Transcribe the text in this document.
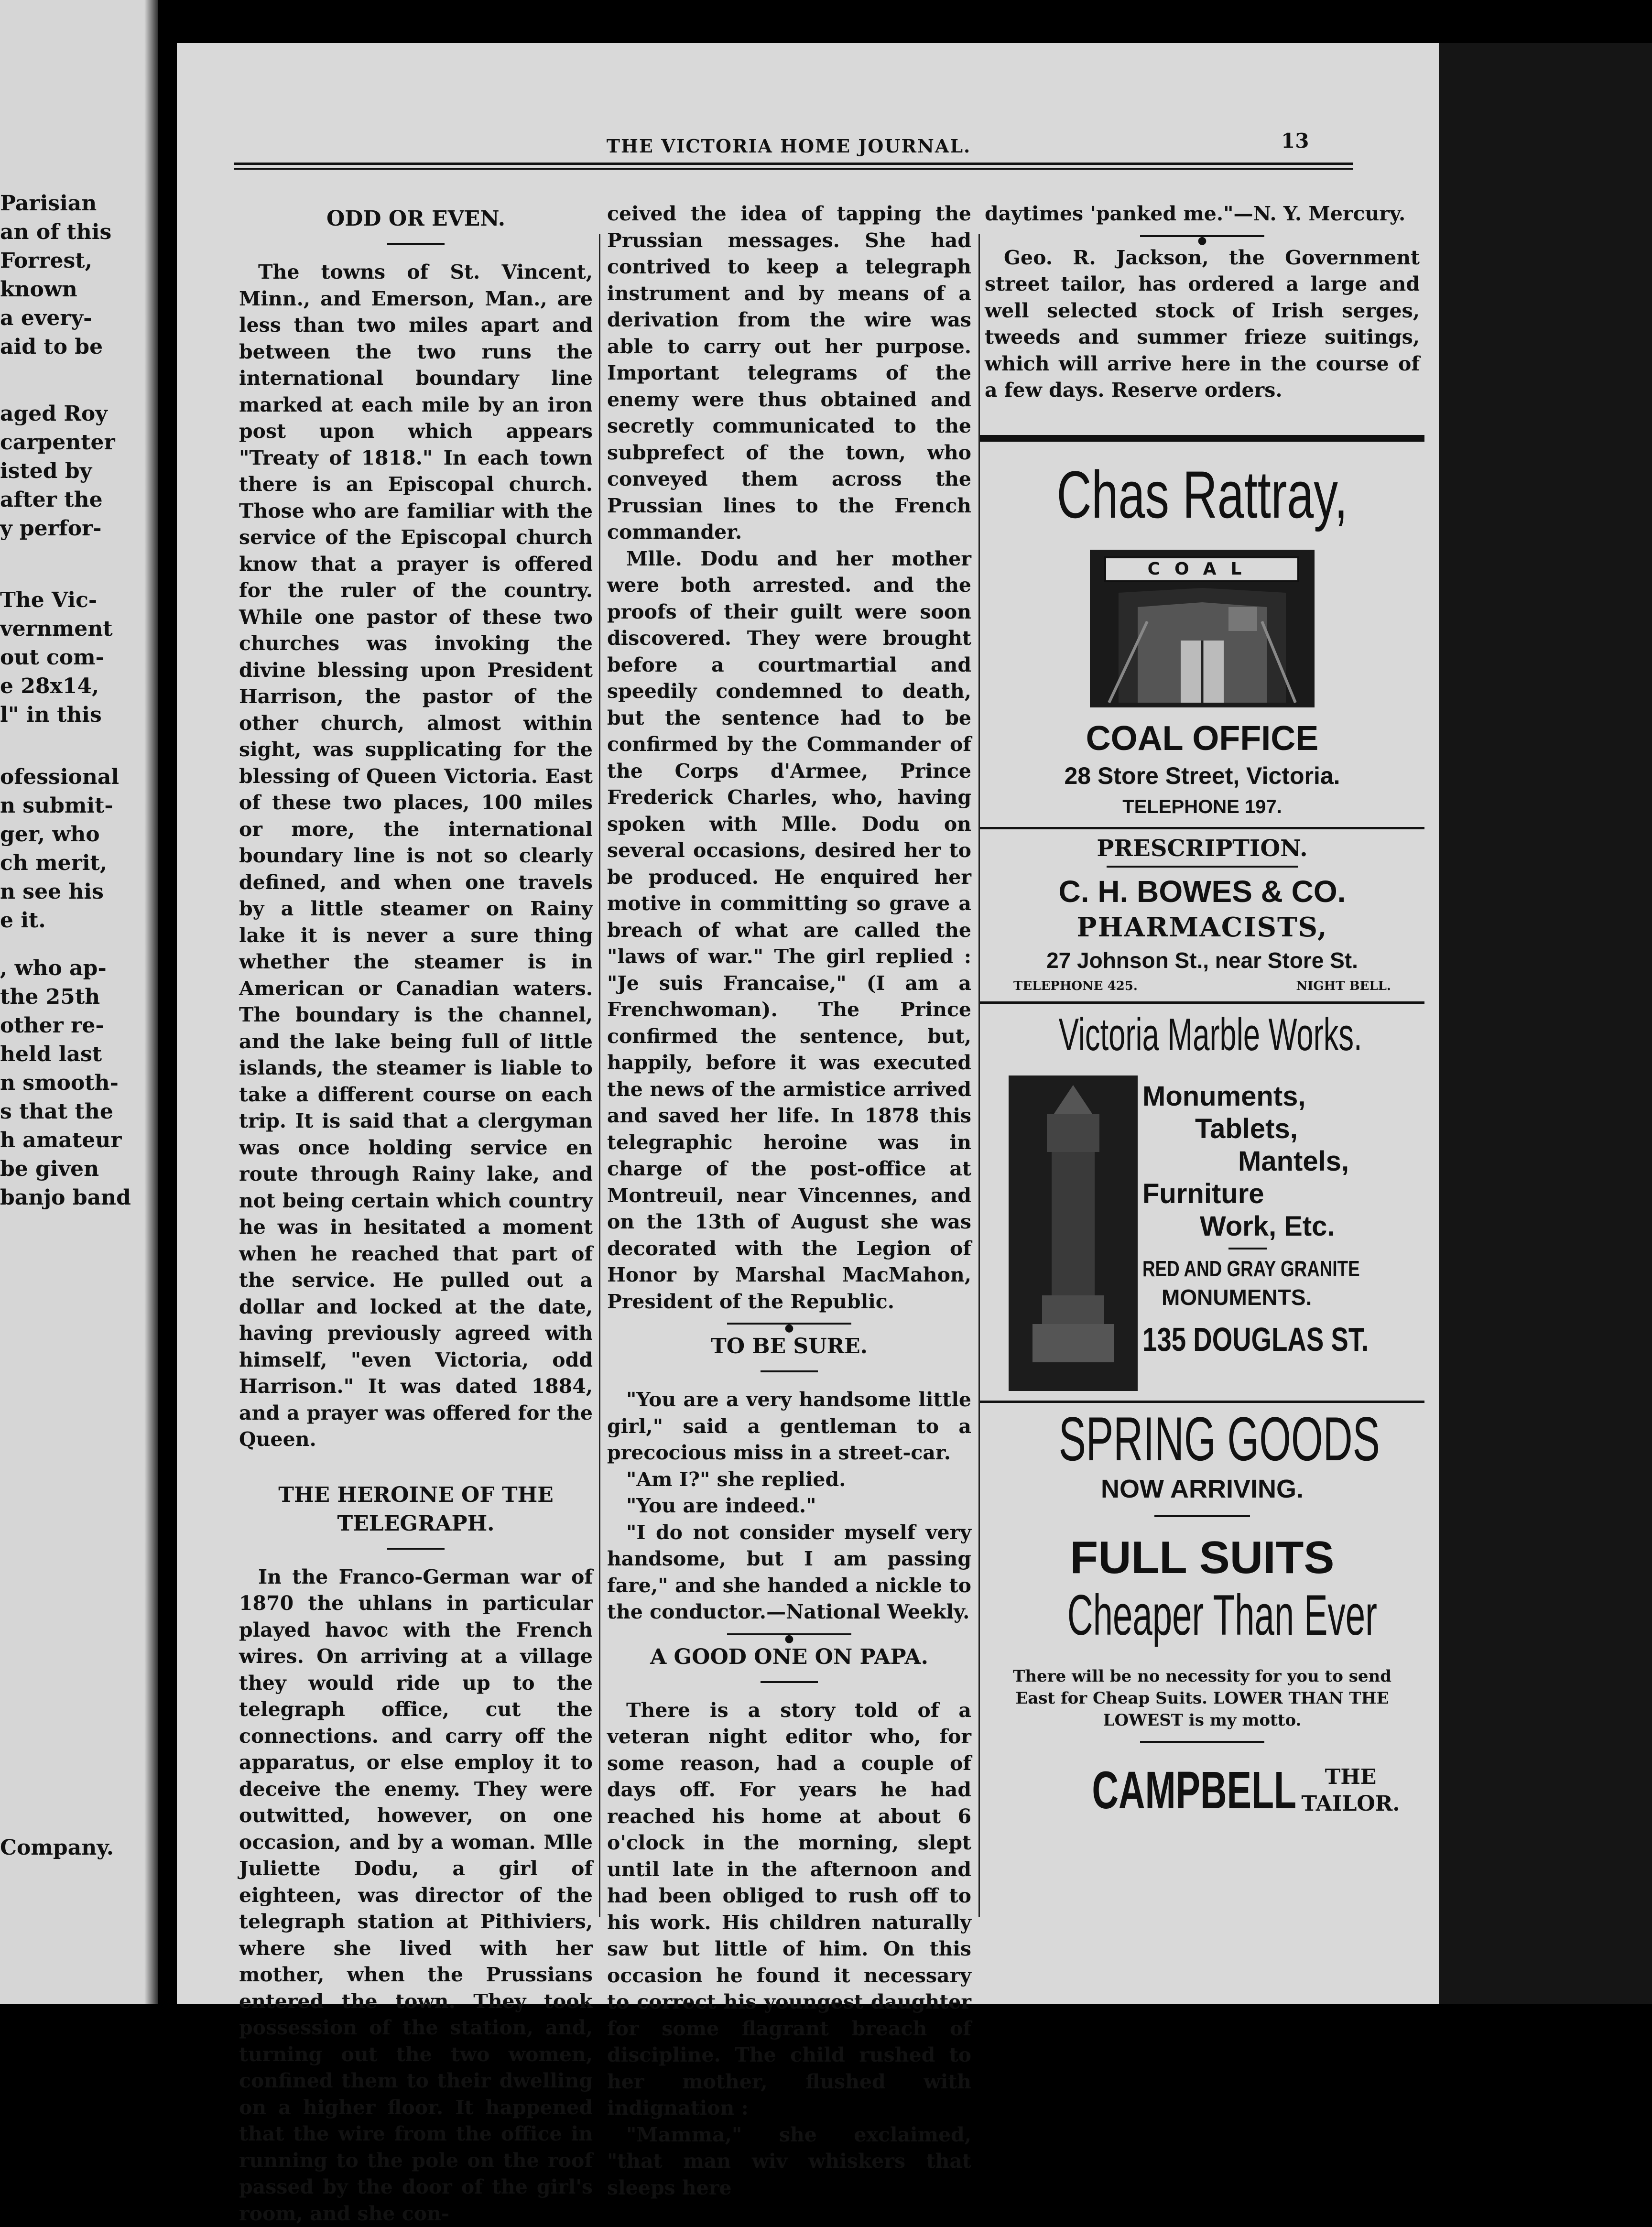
Parisian
an of this
Forrest,
known
a every-
aid to be
aged Roy
carpenter
isted by
after the
y perfor-
The Vic-
vernment
out com-
e 28x14,
l" in this
ofessional
n submit-
ger, who
ch merit,
n see his
e it.
, who ap-
the 25th
other re-
held last
n smooth-
s that the
h amateur
be given
banjo band
Company.
THE VICTORIA HOME JOURNAL.	13
ODD OR EVEN.

The towns of St. Vincent, Minn., and Emerson, Man., are less than two miles apart and between the two runs the international boundary line marked at each mile by an iron post upon which appears "Treaty of 1818." In each town there is an Episcopal church. Those who are familiar with the service of the Episcopal church know that a prayer is offered for the ruler of the country. While one pastor of these two churches was invoking the divine blessing upon President Harrison, the pastor of the other church, almost within sight, was supplicating for the blessing of Queen Victoria. East of these two places, 100 miles or more, the international boundary line is not so clearly defined, and when one travels by a little steamer on Rainy lake it is never a sure thing whether the steamer is in American or Canadian waters. The boundary is the channel, and the lake being full of little islands, the steamer is liable to take a different course on each trip. It is said that a clergyman was once holding service en route through Rainy lake, and not being certain which country he was in hesitated a moment when he reached that part of the service. He pulled out a dollar and locked at the date, having previously agreed with himself, "even Victoria, odd Harrison." It was dated 1884, and a prayer was offered for the Queen.

THE HEROINE OF THE TELEGRAPH.

In the Franco-German war of 1870 the uhlans in particular played havoc with the French wires. On arriving at a village they would ride up to the telegraph office, cut the connections. and carry off the apparatus, or else employ it to deceive the enemy. They were outwitted, however, on one occasion, and by a woman. Mlle Juliette Dodu, a girl of eighteen, was director of the telegraph station at Pithiviers, where she lived with her mother, when the Prussians entered the town. They took possession of the station, and, turning out the two women, confined them to their dwelling on a higher floor. It happened that the wire from the office in running to the pole on the roof passed by the door of the girl's room, and she con-

ceived the idea of tapping the Prussian messages. She had contrived to keep a telegraph instrument and by means of a derivation from the wire was able to carry out her purpose. Important telegrams of the enemy were thus obtained and secretly communicated to the subprefect of the town, who conveyed them across the Prussian lines to the French commander.

Mlle. Dodu and her mother were both arrested. and the proofs of their guilt were soon discovered. They were brought before a courtmartial and speedily condemned to death, but the sentence had to be confirmed by the Commander of the Corps d'Armee, Prince Frederick Charles, who, having spoken with Mlle. Dodu on several occasions, desired her to be produced. He enquired her motive in committing so grave a breach of what are called the "laws of war." The girl replied : "Je suis Francaise," (I am a Frenchwoman). The Prince confirmed the sentence, but, happily, before it was executed the news of the armistice arrived and saved her life. In 1878 this telegraphic heroine was in charge of the post-office at Montreuil, near Vincennes, and on the 13th of August she was decorated with the Legion of Honor by Marshal MacMahon, President of the Republic.

●
TO BE SURE.

"You are a very handsome little girl," said a gentleman to a precocious miss in a street-car.

"Am I?" she replied.

"You are indeed."

"I do not consider myself very handsome, but I am passing fare," and she handed a nickle to the conductor.—National Weekly.

●
A GOOD ONE ON PAPA.

There is a story told of a veteran night editor who, for some reason, had a couple of days off. For years he had reached his home at about 6 o'clock in the morning, slept until late in the afternoon and had been obliged to rush off to his work. His children naturally saw but little of him. On this occasion he found it necessary to correct his youngest daughter for some flagrant breach of discipline. The child rushed to her mother, flushed with indignation :

"Mamma," she exclaimed, "that man wiv whiskers that sleeps here

daytimes 'panked me."—N. Y. Mercury.

●

Geo. R. Jackson, the Government street tailor, has ordered a large and well selected stock of Irish serges, tweeds and summer frieze suitings, which will arrive here in the course of a few days. Reserve orders.

Chas Rattray,
COAL
COAL OFFICE
28 Store Street, Victoria.
TELEPHONE 197.
PRESCRIPTION.
C. H. BOWES & CO.
PHARMACISTS,
27 Johnson St., near Store St.
TELEPHONE 425.	NIGHT BELL.
Victoria Marble Works.
Monuments,
Tablets,
Mantels,
Furniture
Work, Etc.
RED AND GRAY GRANITE
MONUMENTS.
135 DOUGLAS ST.
SPRING GOODS
NOW ARRIVING.
FULL SUITS
Cheaper Than Ever
There will be no necessity for you to send East for Cheap Suits. LOWER THAN THE LOWEST is my motto.
CAMPBELL	THE
TAILOR.
